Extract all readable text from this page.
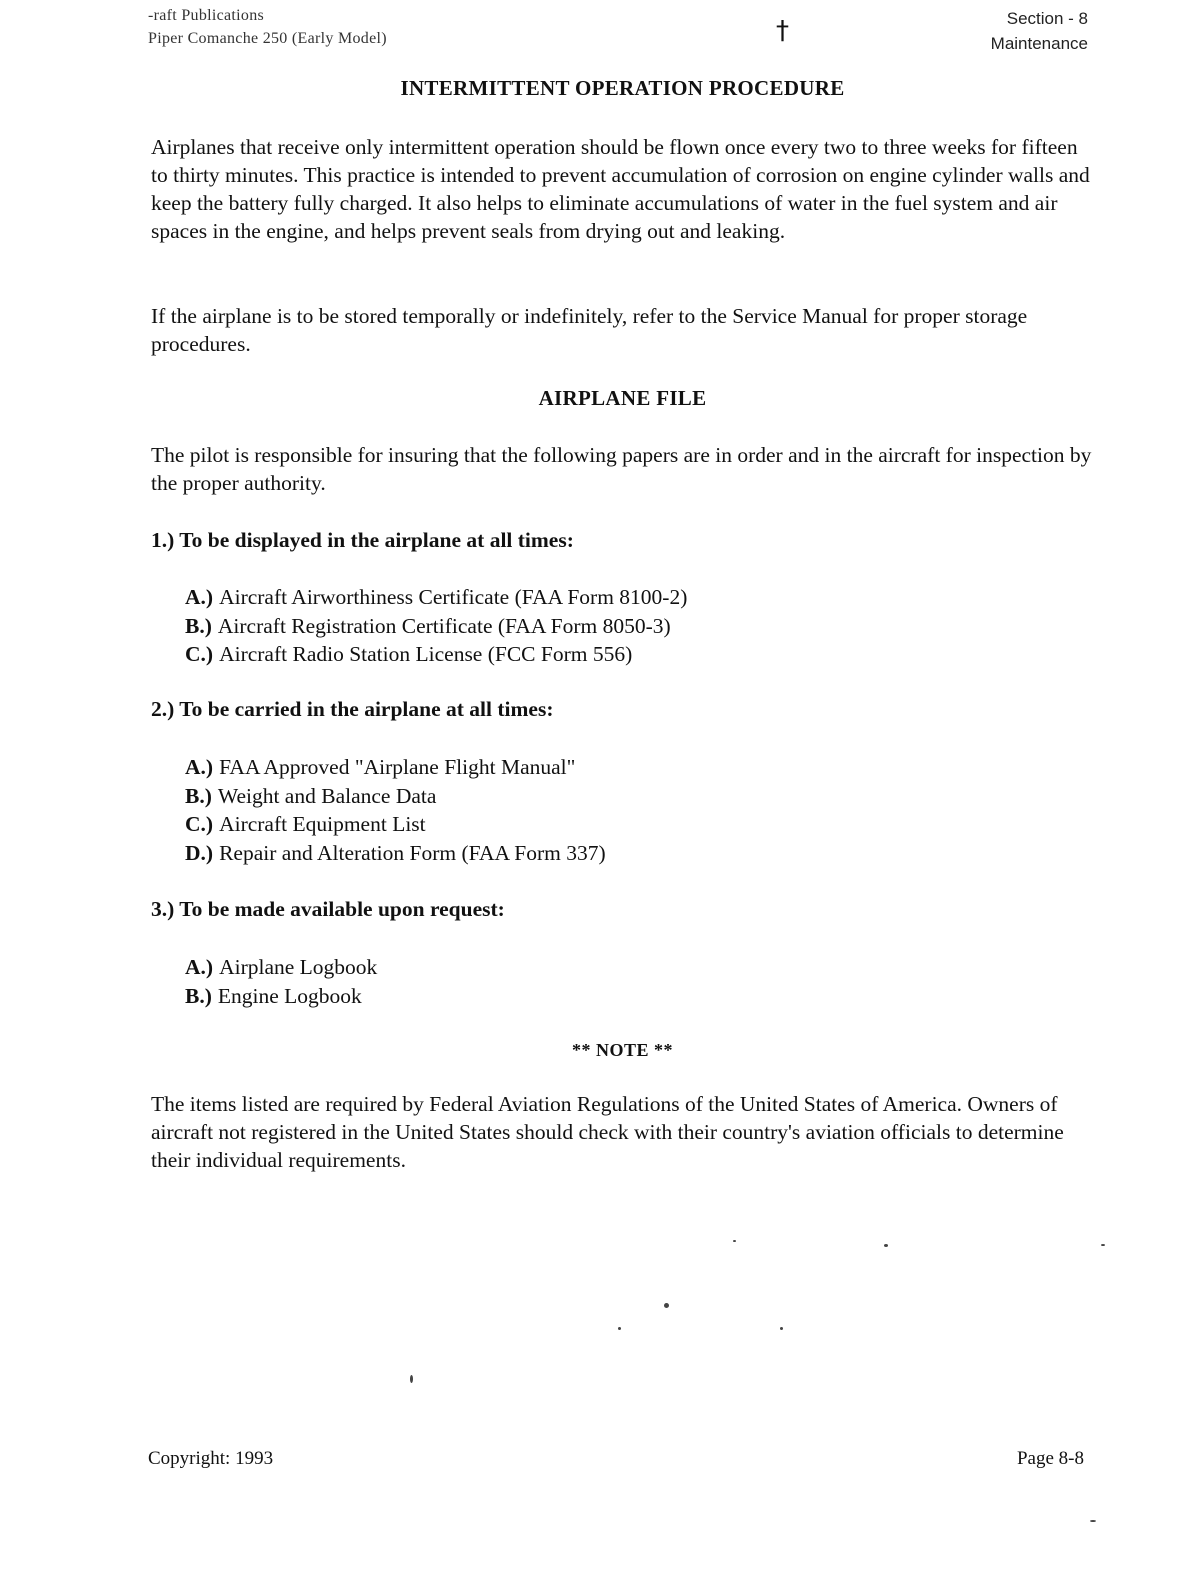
-raft Publications
Piper Comanche 250 (Early Model)	†	Section - 8
Maintenance
INTERMITTENT OPERATION PROCEDURE
Airplanes that receive only intermittent operation should be flown once every two to three weeks for fifteen to thirty minutes. This practice is intended to prevent accumulation of corrosion on engine cylinder walls and keep the battery fully charged. It also helps to eliminate accumulations of water in the fuel system and air spaces in the engine, and helps prevent seals from drying out and leaking.
If the airplane is to be stored temporally or indefinitely, refer to the Service Manual for proper storage procedures.
AIRPLANE FILE
The pilot is responsible for insuring that the following papers are in order and in the aircraft for inspection by the proper authority.
1.) To be displayed in the airplane at all times:
A.) Aircraft Airworthiness Certificate (FAA Form 8100-2)
B.) Aircraft Registration Certificate (FAA Form 8050-3)
C.) Aircraft Radio Station License (FCC Form 556)
2.) To be carried in the airplane at all times:
A.) FAA Approved "Airplane Flight Manual"
B.) Weight and Balance Data
C.) Aircraft Equipment List
D.) Repair and Alteration Form (FAA Form 337)
3.) To be made available upon request:
A.) Airplane Logbook
B.) Engine Logbook
** NOTE **
The items listed are required by Federal Aviation Regulations of the United States of America. Owners of aircraft not registered in the United States should check with their country's aviation officials to determine their individual requirements.
Copyright: 1993	Page 8-8
